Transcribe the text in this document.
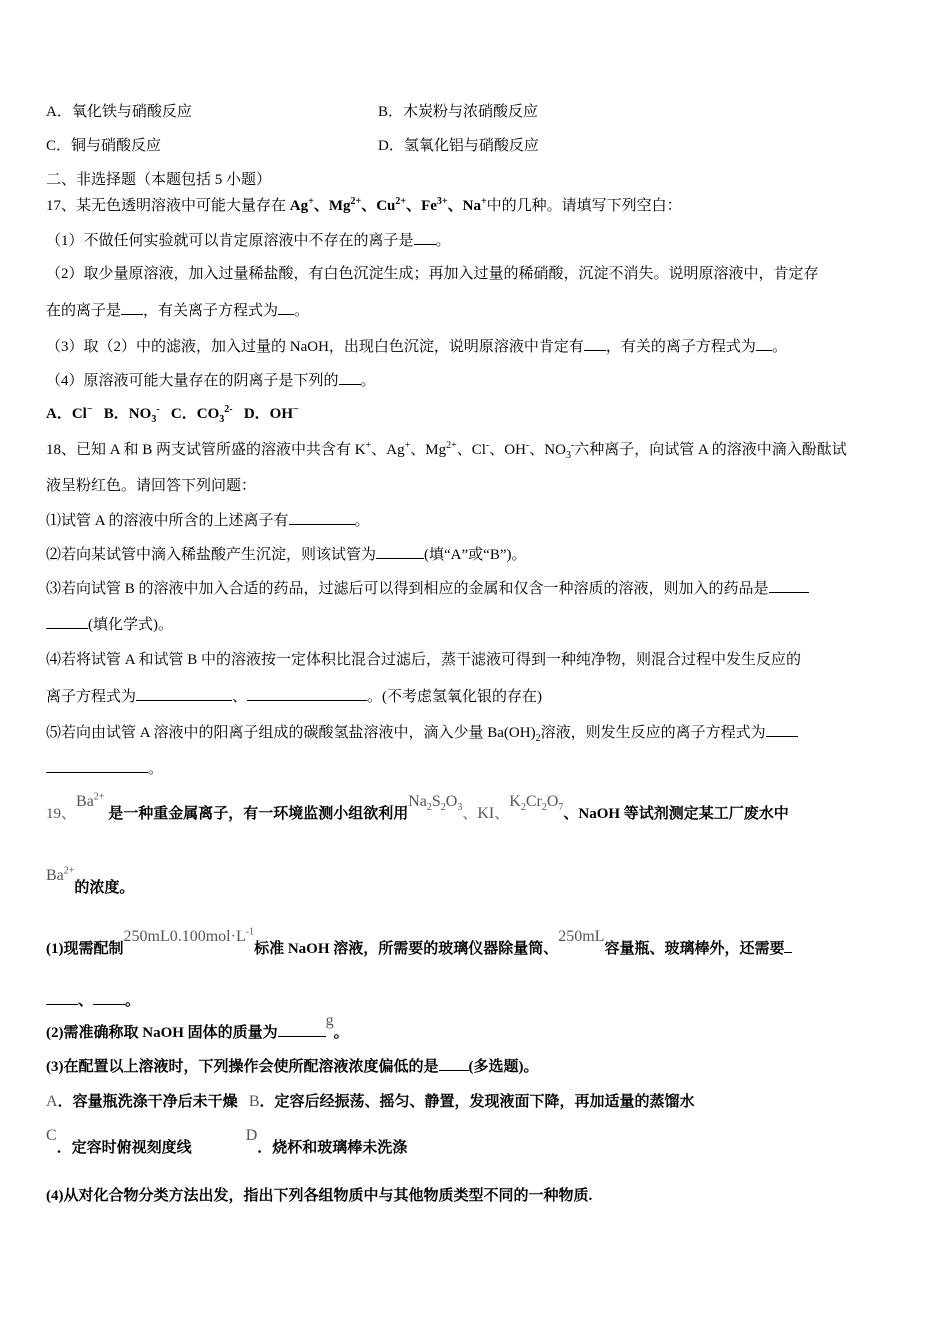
A．氧化铁与硝酸反应	B．木炭粉与浓硝酸反应
C．铜与硝酸反应	D．氢氧化铝与硝酸反应
二、非选择题（本题包括 5 小题）
17、某无色透明溶液中可能大量存在 Ag+、$Mg^{2+}$、$Cu^{2+}$、$Fe^{3+}$、Na+中的几种。请填写下列空白：
（1）不做任何实验就可以肯定原溶液中不存在的离子是 。
（2）取少量原溶液，加入过量稀盐酸，有白色沉淀生成；再加入过量的稀硝酸，沉淀不消失。说明原溶液中，肯定存
在的离子是 ，有关离子方程式为 。
（3）取（2）中的滤液，加入过量的 NaOH，出现白色沉淀，说明原溶液中肯定有 ，有关的离子方程式为 。
（4）原溶液可能大量存在的阴离子是下列的 。
A．Cl− B．$NO_3^-$ C．$CO_3^{2-}$ D．OH−
18、已知 A 和 B 两支试管所盛的溶液中共含有 K+、Ag+、$Mg^{2+}$、Cl-、OH-、$NO_3^-$六种离子，向试管 A 的溶液中滴入酚酞试
液呈粉红色。请回答下列问题：
⑴试管 A 的溶液中所含的上述离子有	。
⑵若向某试管中滴入稀盐酸产生沉淀，则该试管为	(填“A”或“B”)。
⑶若向试管 B 的溶液中加入合适的药品，过滤后可以得到相应的金属和仅含一种溶质的溶液，则加入的药品是
(填化学式)。
⑷若将试管 A 和试管 B 中的溶液按一定体积比混合过滤后，蒸干滤液可得到一种纯净物，则混合过程中发生反应的
离子方程式为	、	。(不考虑氢氧化银的存在)
⑸若向由试管 A 溶液中的阳离子组成的碳酸氢盐溶液中，滴入少量 $Ba(OH)_2$溶液，则发生反应的离子方程式为
。
19、$Ba^{2+}$ 是一种重金属离子，有一环境监测小组欲利用$Na_2S_2O_3$、KI、$K_2Cr_2O_7$、NaOH 等试剂测定某工厂废水中
$Ba^{2+}$的浓度。
(1)现需配制$250mL0.100mol\cdot L^{-1}$标准 NaOH 溶液，所需要的玻璃仪器除量筒、250mL容量瓶、玻璃棒外，还需要
、 。
(2)需准确称取 NaOH 固体的质量为g。
(3)在配置以上溶液时，下列操作会使所配溶液浓度偏低的是 (多选题)。
A．容量瓶洗涤干净后未干燥 B．定容后经振荡、摇匀、静置，发现液面下降，再加适量的蒸馏水
C．定容时俯视刻度线D．烧杯和玻璃棒未洗涤
(4)从对化合物分类方法出发，指出下列各组物质中与其他物质类型不同的一种物质.
